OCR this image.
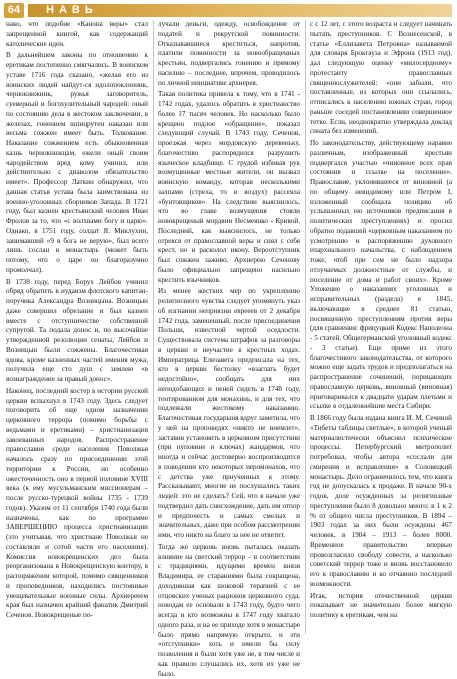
64	НАВЬ

нако, что подобие «Канона веры» стал запрещенной книгой, как содержащий католические идеи.

В дальнейшем законы по отношению к еретикам постепенно смягчались. В воинском уставе 1716 года сказано, «желая его из воинских людей найдут-ся идолопоклонник, чернокнижник, ружья заговоритель, суеверный и богохулительный чародей: оный по состоянию дела в жестоком заключении, в железах, гонением шпицрутен наказан или весьма сожжен имеет быть. Толкование. Наказание сожжением есть обыкновенная казнь чернокнижцам, ежели оный своим чародейством вред кому учинил, или действительно с диаволом обязательство имеет». Профессор Латкин обнаружил, что данная статья устава была заимствована из военно-уголовных сборников Запада. В 1721 году, был казнен крестьянский человек Иван Фролов за то, что «с волхвами богу и царю». Однако, в 1751 году, солдат Я. Миклухин, занимавший «9 в бога не верую», был всего лишь сослан в монастырь (может быть потому, что о царе он благоразумно промолчал).

В 1738 году, перед Борух Лейбов учинил обряд обратить в иудаизм флотского капитан-поручика Александра Возницына. Возницын даже совершил обрезание и был казнен вместе с отступничестве собственной супругой. Та подала донос и, по высочайше утвержденной резолюции сенаты, Лейбов и Возницын были сожжены. Благочестивая вдова, кроме казненных частей имения мужа, получила еще сто душ с землею «в вознаграждение за правый донос».

Наконец, последний костер в истории русской церкви вспыхнул в 1743 году. Здесь следует поговорить об еще одном назначении церковного террора (помимо борьбы с ведьмами и еретиками) – христианизация завоеванных народов. Распространение православия среди населения Поволжья началось сразу по присоединении этой территории к России, но особенно ожесточенность оно в первой половине XVIII века (к ему мусульманским миссионерам – после русско-турецкой войны 1735 - 1739 годов). Указом от 11 сентября 1740 года были назначены, как по программе ЗАВЕРШЕНИЮ процесса христианизации (это учитывая, что христиане Поволжья не составляли и сотой части его населения). Комиссия новокрещенских дел была реорганизована в Новокрещенскую контору, в распоряжении которой, помимо священников и проповедников, находились постоянные увещевательные военные силы. Архиерееем края был назначен крайний фанатик Дмитрий Сеченов. Новокрещеные по-

лучали деньги, одежду, освобождение от податей и рекрутской повинности. Отказывавшиеся креститься, напротив, платили повинности за новообращенных крестьян, подвергались гонению и прямому насилию – последнее, впрочем, проводилось по личной инициативе архиерея.

Такая политика привела к тому, что в 1741 - 1742 годах, удалось обратить в христианство более 17 тысяч человек. Но насколько было крещено подлое «обращение», показал следующий случай. В 1743 году, Сеченов, проезжая через мордовскую деревеньку, благочестиво распорядился разрушить языческое кладбище. С грудой избивая рук возмущенные местные жители, он вызвал воинскую команду, которая несколькими залпами (стрела, то и воздух) рассеяла «бунтовщиков». На следствии выяснилось, что во главе возмущения стояли новокрещеный мордвин Несмеянко - Кривой. Последний, как выяснилось, не только отрекся от православной веры и снял с себя крест, но и расколол икону. Вероотступник был сожжен заживо. Архиерею Сеченову было официально запрещено насильно крестить язычников.

Из менее жестких мер по укреплению религиозного чувства следует упомянуть указ об изгнании неприязни еврееев от 2 декабря 1742 года, замененный, после присоединения Польши, известной чертой оседлости. Существовала система штрафов за разговоры в церкви и неучастие в крестных ходах. Императрица Елизавета предписала на тех, кто в церкви бестолку «взаглать будет недостойно», сообщать для них неподобающих и пеней сидеть в 1748 году, тентированном для монахинь, и для тех, что подлежали жестокому наказанию. Благочестивая государыня вдруг заметила, что у ней на проповедях «никто не внемлет», заставив установить в церковном присутствии (при пуповине и ключах) жандармов, что иногда и сейчас достоверно воспроизводится в поведении кто некоторых иеромонахов, что с детства уже приученных к этому. Рассказывают, многие не послушались таких людей: это не сделать? Сей, что в начале уже подтвердил дать снисхождение, дать им отпор и предпочесть и самых смелых и значительных, даже при особом рассмотрении ими, что никто на благо за нее не ответит.

Тогда же церковь вновь пыталась оказать влияние на светский террор – в соответствии с традициями, идущими времен князя Владимира, ее стараниями была сокращена, доходившая как шоковой терапией с ее отцовских ученых рационов церковного суда, поводам ее основали в 1743 году, будто чего всегда и кто возможны в 1747 году хватало одного раза, и на ее приходе хотя в монастыре было прямо напрямую открыто, и эти «отступники» хоть и имели бы силу позволения и были хотя уже не, в том числе и как правило слушались их, хотя их уже не было.

с с 12 лет, с этого возраста и следует начинать пытать преступников. С Вознесенской, в статье «Еллизавета Петровна» называемой для словаря Брокгауза и Эфрона (1913 год), дал следующую оценку «милосердному» протестанту православных священнослужителей: «они забыли, что поставленные, из которых они ссылались, отписались к населению южных стран, город раньше соседей постановлению совершенное тетке. Если, неоднократно утверждала доклад сината без изменений.

По законодательству, действующему наравне различным, изображенный крестьян подвергался участью «чиновное всех прав состояния и ссылке на поселение». Православие, уклонившееся от виновной (а по общему невидимому или Петром I, изложенный сообщала позицию об услышанных ею источников предписания в политических преступлениях) и просил обратно подавшей «церковным наказанием по усмотрению и распоряжению духовного епархиального начальства, с наблюдением тоже, чтоб при сем не было надзора отлучаемых должностные от службы, и поселение от дома и работ своих». Кроме Уложение о наказаниях уголовных и исправительных (раздела) в 1845, включающие в среднее 81 статью, посвященную преступлениям против веры (для сравнения: фрицуцкий Кодекс Наполеона - 5 статей, Общегерманский уголовный кодекс - 3 статьи). Еще приме из этого благочестивого законодательства, от которого можно еще задать трудов и предполагаться на распространение сочинений, порицающих православную церковь, виновный (виновная) приговаривался к двадцати ударам плетьми и ссылке в отдаленнейшие места Сибири.

В 1866 году была издана книга И. М. Сечиной «Тибеты таблицы светлые», в которой ученый материалистически объяснил психические процессы. Петербургский митрополит потребовал, чтобы автора «сослали для смирения и исправления» в Соловецкий монастырь. Дело ограничилось тем, что книга год не допускалась к продаже. В начале 90-х годов, доле осужденных за религиозные преступления было 8 довольно много: в 1 к 2 % от общего числа преступников. В 1894 – 1903 годах за них были осуждены 467 человек, в 1904 – 1913 – более 8000. Временное правительство впервые провозгласило свободу совести, а насколько советский террор тоже и вновь восстановило его к православию и ко отчаянно последней возможности.

Итак, история отечественной церкви показывает не значительно более мягкую политику к еретикам, чем на
